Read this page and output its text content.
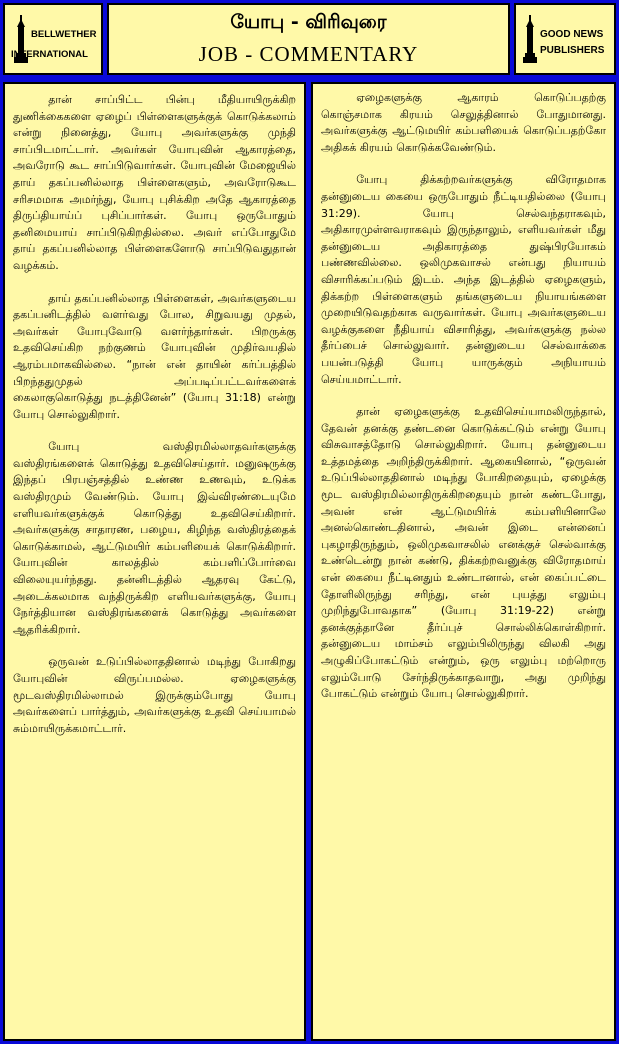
BELLWETHER
INTERNATIONAL
யோபு - விரிவுரை
JOB - COMMENTARY
GOOD NEWS
PUBLISHERS

தான் சாப்பிட்ட பின்பு மீதியாயிருக்கிற துணிக்கைகளை ஏழைப் பிள்ளைகளுக்குக் கொடுக்கலாம் என்று நினைத்து, யோபு அவர்களுக்கு முந்தி சாப்பிடமாட்டார். அவர்கள் யோபுவின் ஆகாரத்தை, அவரோடு கூட சாப்பிடுவார்கள். யோபுவின் மேஜையில் தாய் தகப்பனில்லாத பிள்ளைகளும், அவரோடுகூட சரிசமமாக அமர்ந்து, யோபு புசிக்கிற அதே ஆகாரத்தை திருப்தியாய்ப் புசிப்பார்கள். யோபு ஒருபோதும் தனிமையாய் சாப்பிடுகிறதில்லை. அவர் எப்போதுமே தாய் தகப்பனில்லாத பிள்ளைகளோடு சாப்பிடுவதுதான் வழக்கம்.

தாய் தகப்பனில்லாத பிள்ளைகள், அவர்களுடைய தகப்பனிடத்தில் வளர்வது போல, சிறுவயது முதல், அவர்கள் யோபுவோடு வளர்ந்தார்கள். பிறருக்கு உதவிசெய்கிற நற்குணம் யோபுவின் முதிர்வயதில் ஆரம்பமாகவில்லை. “நான் என் தாயின் கர்ப்பத்தில் பிறந்ததுமுதல் அப்படிப்பட்டவர்களைக் கைலாகுகொடுத்து நடத்தினேன்” (யோபு 31:18) என்று யோபு சொல்லுகிறார்.

யோபு வஸ்திரமில்லாதவர்களுக்கு வஸ்திரங்களைக் கொடுத்து உதவிசெய்தார். மனுஷருக்கு இந்தப் பிரபஞ்சத்தில் உண்ண உணவும், உடுக்க வஸ்திரமும் வேண்டும். யோபு இவ்விரண்டையுமே எளியவர்களுக்குக் கொடுத்து உதவிசெய்கிறார். அவர்களுக்கு சாதாரண, பழைய, கிழிந்த வஸ்திரத்தைக் கொடுக்காமல், ஆட்டுமயிர் கம்பளியைக் கொடுக்கிறார். யோபுவின் காலத்தில் கம்பளிப்போர்வை விலையுயர்ந்தது. தன்னிடத்தில் ஆதரவு கேட்டு, அடைக்கலமாக வந்திருக்கிற எளியவர்களுக்கு, யோபு நேர்த்தியான வஸ்திரங்களைக் கொடுத்து அவர்களை ஆதரிக்கிறார்.

ஒருவன் உடுப்பில்லாததினால் மடிந்து போகிறது யோபுவின் விருப்பமல்ல. ஏழைகளுக்கு மூடவஸ்திரமில்லாமல் இருக்கும்போது யோபு அவர்களைப் பார்த்தும், அவர்களுக்கு உதவி செய்யாமல் சும்மாயிருக்கமாட்டார்.

ஏழைகளுக்கு ஆகாரம் கொடுப்பதற்கு கொஞ்சமாக கிரயம் செலுத்தினால் போதுமானது. அவர்களுக்கு ஆட்டுமயிர் கம்பளியைக் கொடுப்பதற்கோ அதிகக் கிரயம் கொடுக்கவேண்டும்.

யோபு திக்கற்றவர்களுக்கு விரோதமாக தன்னுடைய கையை ஒருபோதும் நீட்டியதில்லை (யோபு 31:29). யோபு செல்வந்தராகவும், அதிகாரமுள்ளவராகவும் இருந்தாலும், எளியவர்கள் மீது தன்னுடைய அதிகாரத்தை துஷ்பிரயோகம் பண்ணவில்லை. ஒலிமுகவாசல் என்பது நியாயம் விசாரிக்கப்படும் இடம். அந்த இடத்தில் ஏழைகளும், திக்கற்ற பிள்ளைகளும் தங்களுடைய நியாயங்களை முறையிடுவதற்காக வருவார்கள். யோபு அவர்களுடைய வழக்குகளை நீதியாய் விசாரித்து, அவர்களுக்கு நல்ல தீர்ப்பைச் சொல்லுவார். தன்னுடைய செல்வாக்கை பயன்படுத்தி யோபு யாருக்கும் அநியாயம் செய்யமாட்டார்.

தான் ஏழைகளுக்கு உதவிசெய்யாமலிருந்தால், தேவன் தனக்கு தண்டனை கொடுக்கட்டும் என்று யோபு விசுவாசத்தோடு சொல்லுகிறார். யோபு தன்னுடைய உத்தமத்தை அறிந்திருக்கிறார். ஆகையினால், “ஒருவன் உடுப்பில்லாததினால் மடிந்து போகிறதையும், ஏழைக்கு மூட வஸ்திரமில்லாதிருக்கிறதையும் நான் கண்டபோது, அவன் என் ஆட்டுமயிர்க் கம்பளியினாலே அனல்கொண்டதினால், அவன் இடை என்னைப் புகழாதிருந்தும், ஒலிமுகவாசலில் எனக்குச் செல்வாக்கு உண்டென்று நான் கண்டு, திக்கற்றவனுக்கு விரோதமாய் என் கையை நீட்டினதும் உண்டானால், என் கைப்பட்டை தோளிலிருந்து சரிந்து, என் புயத்து எலும்பு முறிந்துபோவதாக” (யோபு 31:19-22) என்று தனக்குத்தானே தீர்ப்புச் சொல்லிக்கொள்கிறார். தன்னுடைய மாம்சம் எலும்பிலிருந்து விலகி அது அழுகிப்போகட்டும் என்றும், ஒரு எலும்பு மற்றொரு எலும்போடு சேர்ந்திருக்காதவாறு, அது முறிந்து போகட்டும் என்றும் யோபு சொல்லுகிறார்.
